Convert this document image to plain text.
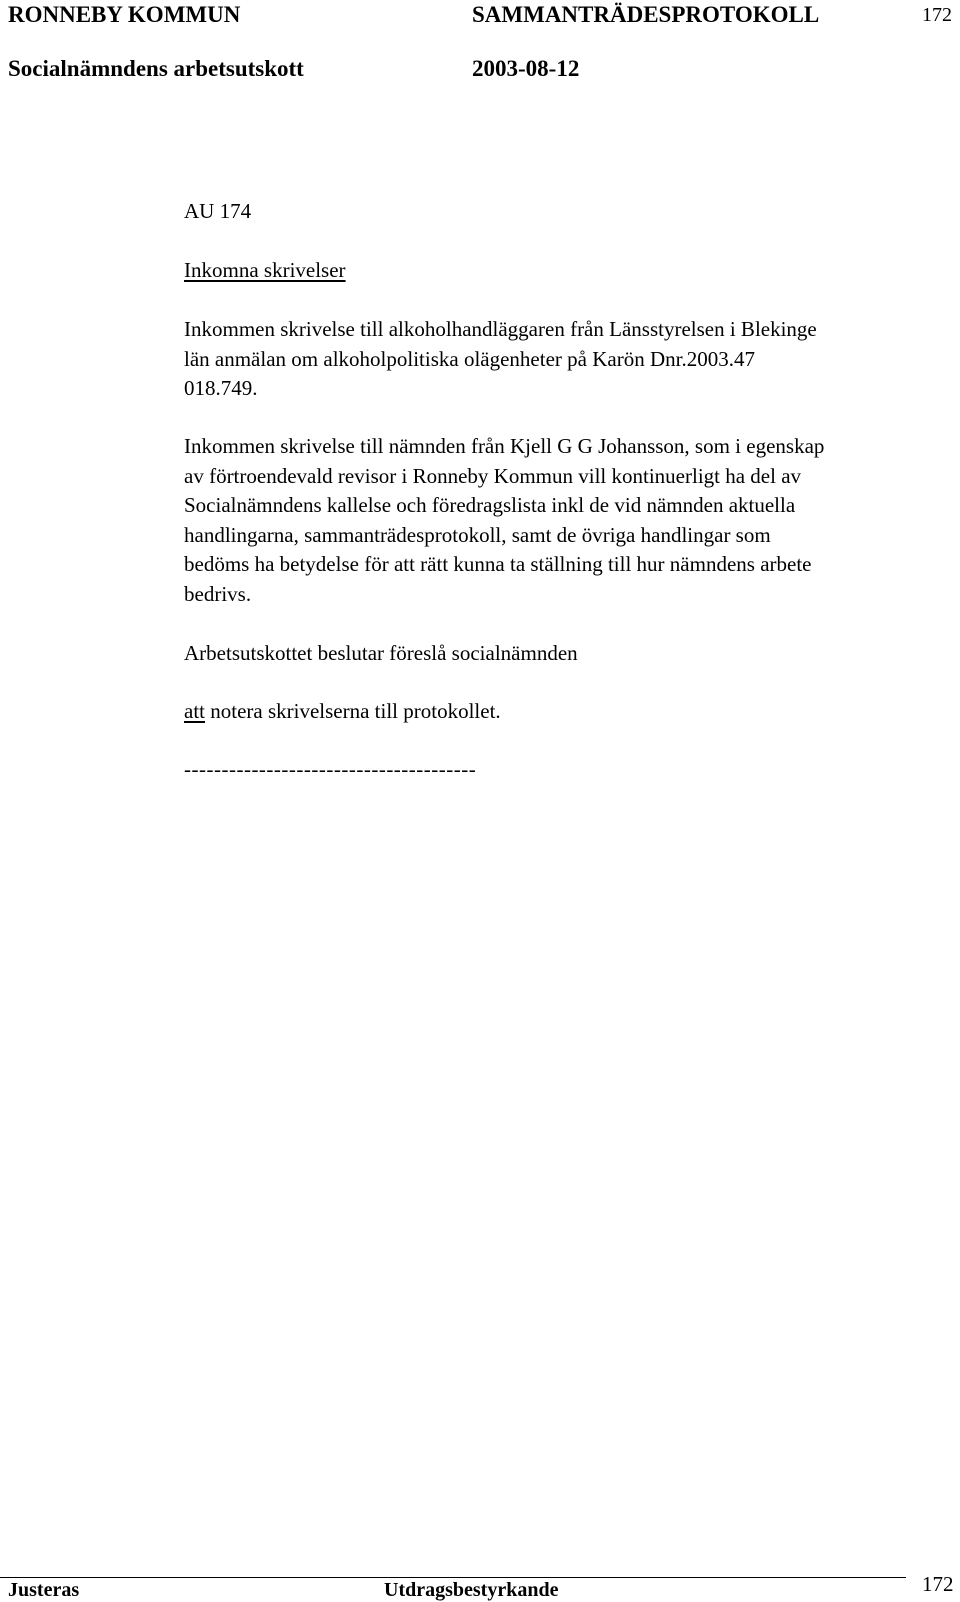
RONNEBY KOMMUN	SAMMANTRÄDESPROTOKOLL	172
Socialnämndens arbetsutskott	2003-08-12
AU 174
Inkomna skrivelser
Inkommen skrivelse till alkoholhandläggaren från Länsstyrelsen i Blekinge
län anmälan om alkoholpolitiska olägenheter på Karön Dnr.2003.47
018.749.
Inkommen skrivelse till nämnden från Kjell G G Johansson, som i egenskap
av förtroendevald revisor i Ronneby Kommun vill kontinuerligt ha del av
Socialnämndens kallelse och föredragslista inkl de vid nämnden aktuella
handlingarna, sammanträdesprotokoll, samt de övriga handlingar som
bedöms ha betydelse för att rätt kunna ta ställning till hur nämndens arbete
bedrivs.
Arbetsutskottet beslutar föreslå socialnämnden
att notera skrivelserna till protokollet.
---------------------------------------
Justeras	Utdragsbestyrkande	172
